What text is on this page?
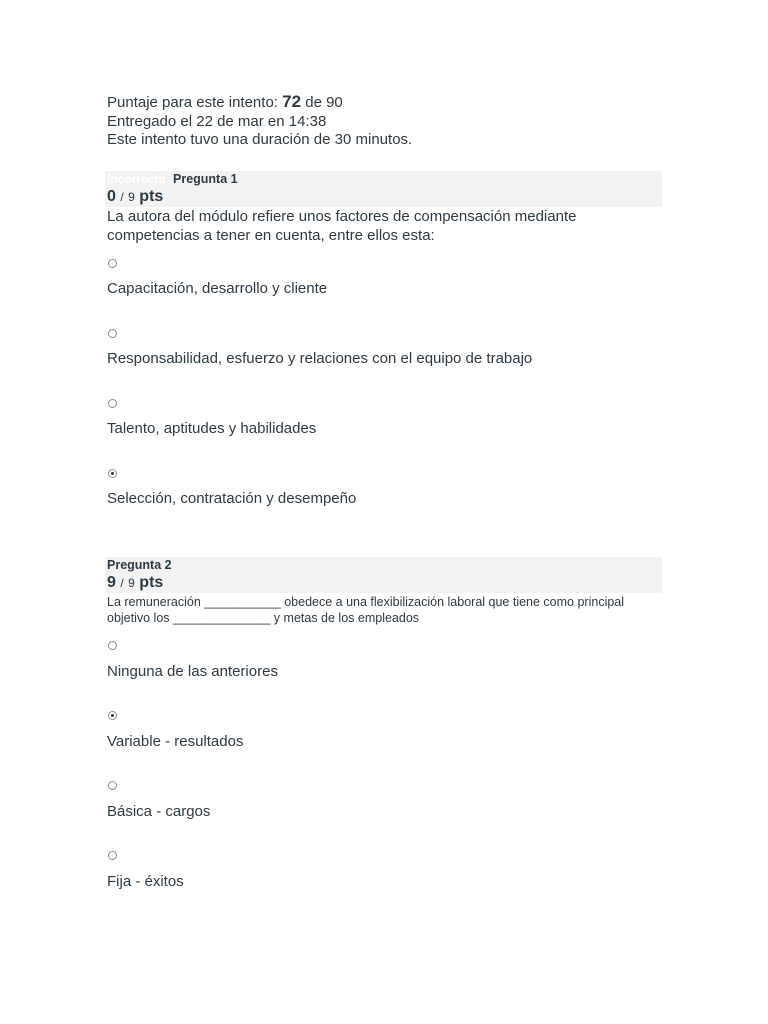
Puntaje para este intento: 72 de 90
Entregado el 22 de mar en 14:38
Este intento tuvo una duración de 30 minutos.
Incorrecto Pregunta 1
0 / 9 pts
La autora del módulo refiere unos factores de compensación mediante competencias a tener en cuenta, entre ellos esta:
Capacitación, desarrollo y cliente
Responsabilidad, esfuerzo y relaciones con el equipo de trabajo
Talento, aptitudes y habilidades
Selección, contratación y desempeño
Pregunta 2
9 / 9 pts
La remuneración ___________ obedece a una flexibilización laboral que tiene como principal objetivo los ______________ y metas de los empleados
Ninguna de las anteriores
Variable - resultados
Básica - cargos
Fija - éxitos
